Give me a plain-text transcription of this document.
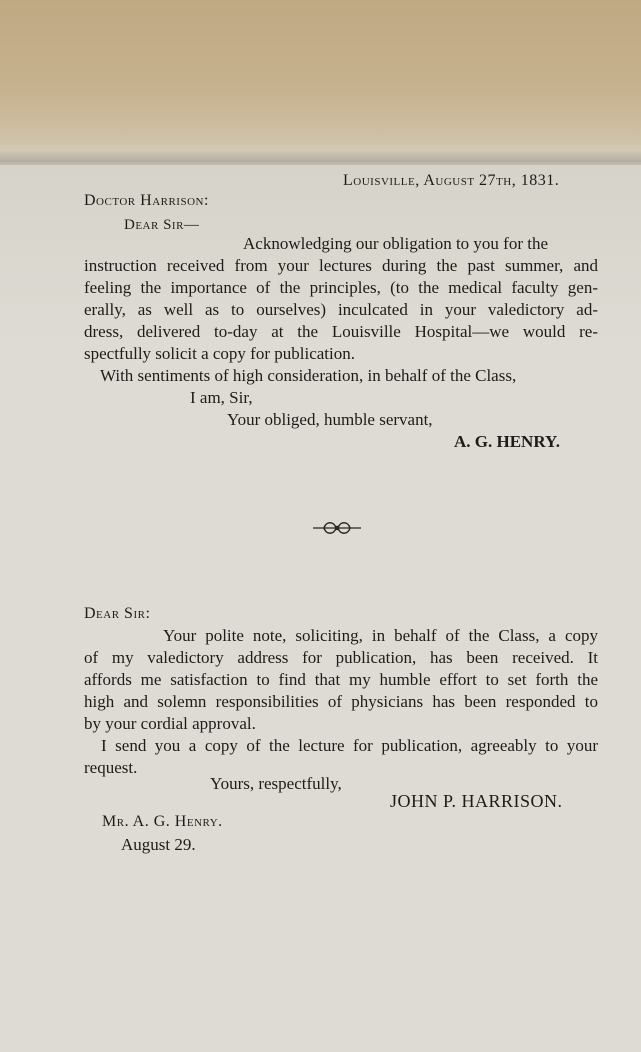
Louisville, August 27th, 1831.
Doctor Harrison:
Dear Sir—
Acknowledging our obligation to you for the
instruction received from your lectures during the past summer, and
feeling the importance of the principles, (to the medical faculty gen-
erally, as well as to ourselves) inculcated in your valedictory ad-
dress, delivered to-day at the Louisville Hospital—we would re-
spectfully solicit a copy for publication.
With sentiments of high consideration, in behalf of the Class,
I am, Sir,
Your obliged, humble servant,
A. G. HENRY.
Dear Sir:
Your polite note, soliciting, in behalf of the Class, a copy
of my valedictory address for publication, has been received. It
affords me satisfaction to find that my humble effort to set forth the
high and solemn responsibilities of physicians has been responded to
by your cordial approval.
I send you a copy of the lecture for publication, agreeably to your
request.
Yours, respectfully,
JOHN P. HARRISON.
Mr. A. G. Henry.
August 29.
